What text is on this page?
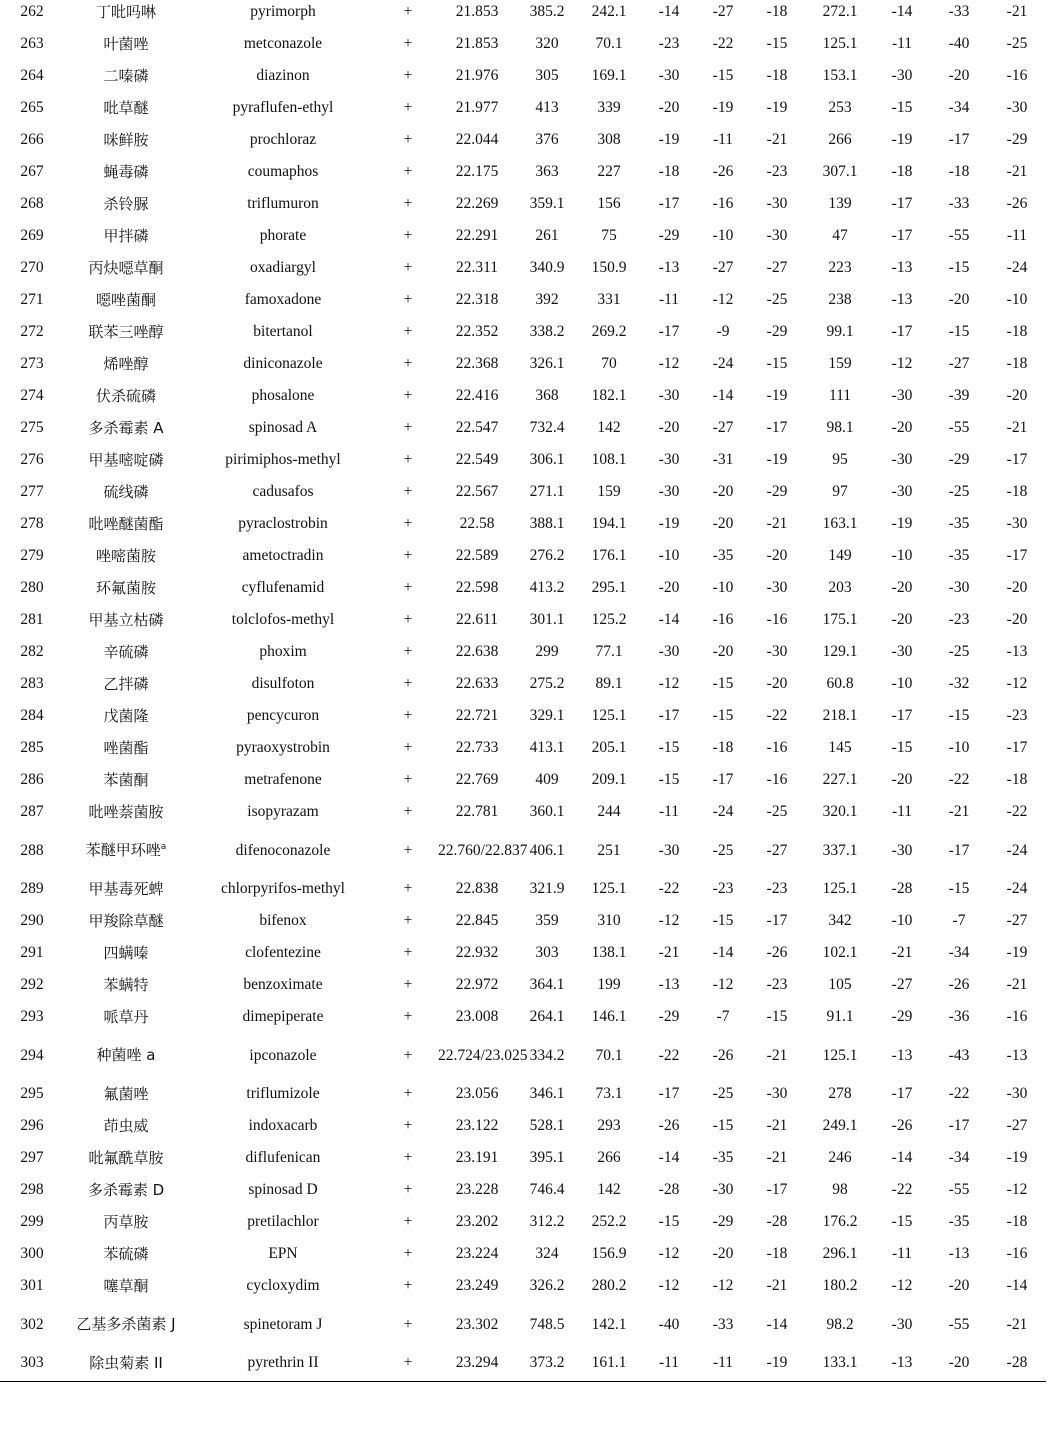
262	丁吡吗啉	pyrimorph	+	21.853	385.2	242.1	-14	-27	-18	272.1	-14	-33	-21
263	叶菌唑	metconazole	+	21.853	320	70.1	-23	-22	-15	125.1	-11	-40	-25
264	二嗪磷	diazinon	+	21.976	305	169.1	-30	-15	-18	153.1	-30	-20	-16
265	吡草醚	pyraflufen-ethyl	+	21.977	413	339	-20	-19	-19	253	-15	-34	-30
266	咪鲜胺	prochloraz	+	22.044	376	308	-19	-11	-21	266	-19	-17	-29
267	蝇毒磷	coumaphos	+	22.175	363	227	-18	-26	-23	307.1	-18	-18	-21
268	杀铃脲	triflumuron	+	22.269	359.1	156	-17	-16	-30	139	-17	-33	-26
269	甲拌磷	phorate	+	22.291	261	75	-29	-10	-30	47	-17	-55	-11
270	丙炔噁草酮	oxadiargyl	+	22.311	340.9	150.9	-13	-27	-27	223	-13	-15	-24
271	噁唑菌酮	famoxadone	+	22.318	392	331	-11	-12	-25	238	-13	-20	-10
272	联苯三唑醇	bitertanol	+	22.352	338.2	269.2	-17	-9	-29	99.1	-17	-15	-18
273	烯唑醇	diniconazole	+	22.368	326.1	70	-12	-24	-15	159	-12	-27	-18
274	伏杀硫磷	phosalone	+	22.416	368	182.1	-30	-14	-19	111	-30	-39	-20
275	多杀霉素 A	spinosad A	+	22.547	732.4	142	-20	-27	-17	98.1	-20	-55	-21
276	甲基嘧啶磷	pirimiphos-methyl	+	22.549	306.1	108.1	-30	-31	-19	95	-30	-29	-17
277	硫线磷	cadusafos	+	22.567	271.1	159	-30	-20	-29	97	-30	-25	-18
278	吡唑醚菌酯	pyraclostrobin	+	22.58	388.1	194.1	-19	-20	-21	163.1	-19	-35	-30
279	唑嘧菌胺	ametoctradin	+	22.589	276.2	176.1	-10	-35	-20	149	-10	-35	-17
280	环氟菌胺	cyflufenamid	+	22.598	413.2	295.1	-20	-10	-30	203	-20	-30	-20
281	甲基立枯磷	tolclofos-methyl	+	22.611	301.1	125.2	-14	-16	-16	175.1	-20	-23	-20
282	辛硫磷	phoxim	+	22.638	299	77.1	-30	-20	-30	129.1	-30	-25	-13
283	乙拌磷	disulfoton	+	22.633	275.2	89.1	-12	-15	-20	60.8	-10	-32	-12
284	戊菌隆	pencycuron	+	22.721	329.1	125.1	-17	-15	-22	218.1	-17	-15	-23
285	唑菌酯	pyraoxystrobin	+	22.733	413.1	205.1	-15	-18	-16	145	-15	-10	-17
286	苯菌酮	metrafenone	+	22.769	409	209.1	-15	-17	-16	227.1	-20	-22	-18
287	吡唑萘菌胺	isopyrazam	+	22.781	360.1	244	-11	-24	-25	320.1	-11	-21	-22
288	苯醚甲环唑$^a$	difenoconazole	+	22.760/22.837	406.1	251	-30	-25	-27	337.1	-30	-17	-24
289	甲基毒死蜱	chlorpyrifos-methyl	+	22.838	321.9	125.1	-22	-23	-23	125.1	-28	-15	-24
290	甲羧除草醚	bifenox	+	22.845	359	310	-12	-15	-17	342	-10	-7	-27
291	四螨嗪	clofentezine	+	22.932	303	138.1	-21	-14	-26	102.1	-21	-34	-19
292	苯螨特	benzoximate	+	22.972	364.1	199	-13	-12	-23	105	-27	-26	-21
293	哌草丹	dimepiperate	+	23.008	264.1	146.1	-29	-7	-15	91.1	-29	-36	-16
294	种菌唑 a	ipconazole	+	22.724/23.025	334.2	70.1	-22	-26	-21	125.1	-13	-43	-13
295	氟菌唑	triflumizole	+	23.056	346.1	73.1	-17	-25	-30	278	-17	-22	-30
296	茚虫威	indoxacarb	+	23.122	528.1	293	-26	-15	-21	249.1	-26	-17	-27
297	吡氟酰草胺	diflufenican	+	23.191	395.1	266	-14	-35	-21	246	-14	-34	-19
298	多杀霉素 D	spinosad D	+	23.228	746.4	142	-28	-30	-17	98	-22	-55	-12
299	丙草胺	pretilachlor	+	23.202	312.2	252.2	-15	-29	-28	176.2	-15	-35	-18
300	苯硫磷	EPN	+	23.224	324	156.9	-12	-20	-18	296.1	-11	-13	-16
301	噻草酮	cycloxydim	+	23.249	326.2	280.2	-12	-12	-21	180.2	-12	-20	-14
302	乙基多杀菌素 J	spinetoram J	+	23.302	748.5	142.1	-40	-33	-14	98.2	-30	-55	-21
303	除虫菊素 II	pyrethrin II	+	23.294	373.2	161.1	-11	-11	-19	133.1	-13	-20	-28
